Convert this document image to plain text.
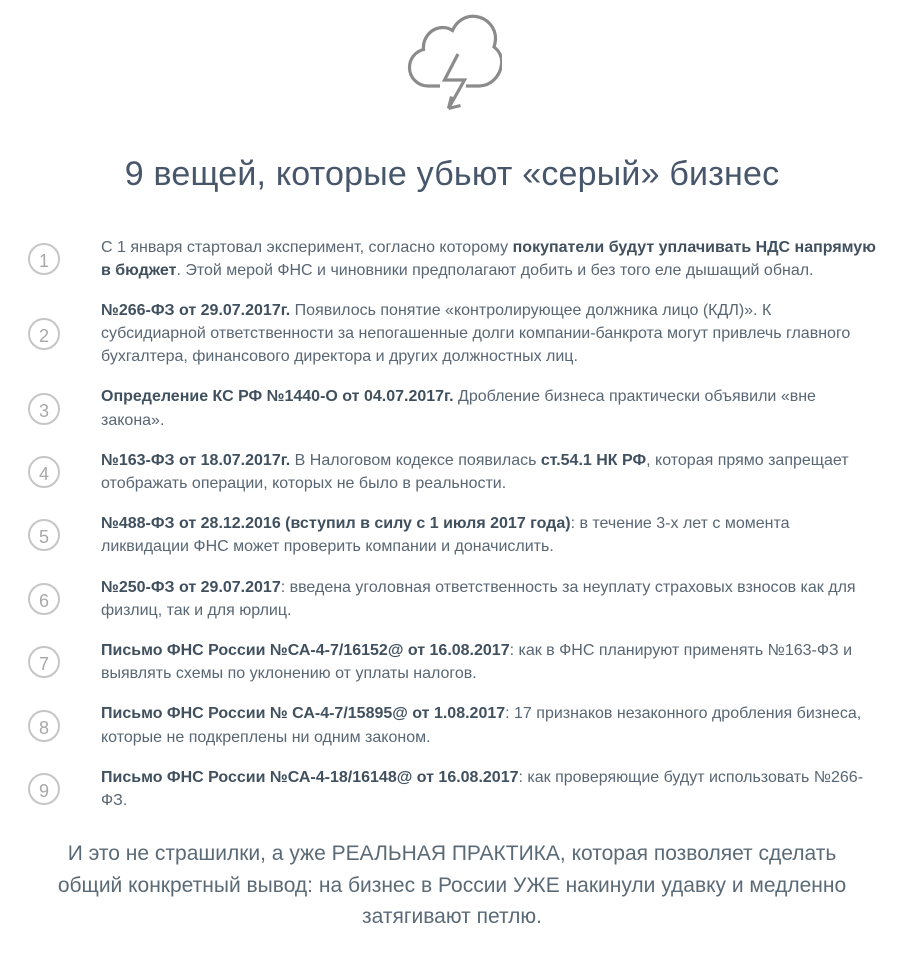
9 вещей, которые убьют «серый» бизнес
1

С 1 января стартовал эксперимент, согласно которому покупатели будут уплачивать НДС напрямую в бюджет. Этой мерой ФНС и чиновники предполагают добить и без того еле дышащий обнал.

2

№266-ФЗ от 29.07.2017г. Появилось понятие «контролирующее должника лицо (КДЛ)». К субсидиарной ответственности за непогашенные долги компании-банкрота могут привлечь главного бухгалтера, финансового директора и других должностных лиц.

3

Определение КС РФ №1440-О от 04.07.2017г. Дробление бизнеса практически объявили «вне закона».

4

№163-ФЗ от 18.07.2017г. В Налоговом кодексе появилась ст.54.1 НК РФ, которая прямо запрещает отображать операции, которых не было в реальности.

5

№488-ФЗ от 28.12.2016 (вступил в силу с 1 июля 2017 года): в течение 3-х лет с момента ликвидации ФНС может проверить компании и доначислить.

6

№250-ФЗ от 29.07.2017: введена уголовная ответственность за неуплату страховых взносов как для физлиц, так и для юрлиц.

7

Письмо ФНС России №СА-4-7/16152@ от 16.08.2017: как в ФНС планируют применять №163-ФЗ и выявлять схемы по уклонению от уплаты налогов.

8

Письмо ФНС России № СА-4-7/15895@ от 1.08.2017: 17 признаков незаконного дробления бизнеса, которые не подкреплены ни одним законом.

9

Письмо ФНС России №СА-4-18/16148@ от 16.08.2017: как проверяющие будут использовать №266-ФЗ.

И это не страшилки, а уже РЕАЛЬНАЯ ПРАКТИКА, которая позволяет сделать общий конкретный вывод: на бизнес в России УЖЕ накинули удавку и медленно затягивают петлю.
